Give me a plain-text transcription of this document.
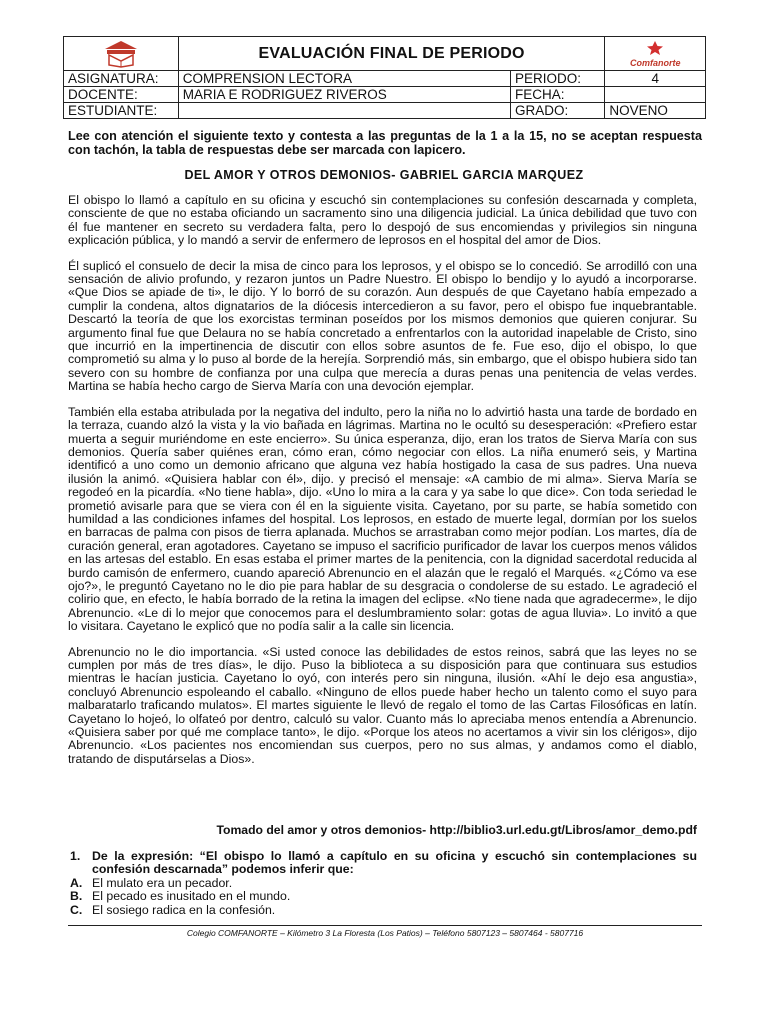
	EVALUACIÓN FINAL DE PERIODO		Comfanorte

ASIGNATURA:	COMPRENSION LECTORA	PERIODO:	4
DOCENTE:	MARIA E RODRIGUEZ RIVEROS	FECHA:	
ESTUDIANTE:		GRADO:	NOVENO
Lee con atención el siguiente texto y contesta a las preguntas de la 1 a la 15, no se aceptan respuesta con tachón, la tabla de respuestas debe ser marcada con lapicero.
DEL AMOR Y OTROS DEMONIOS- GABRIEL GARCIA MARQUEZ

El obispo lo llamó a capítulo en su oficina y escuchó sin contemplaciones su confesión descarnada y completa, consciente de que no estaba oficiando un sacramento sino una diligencia judicial. La única debilidad que tuvo con él fue mantener en secreto su verdadera falta, pero lo despojó de sus encomiendas y privilegios sin ninguna explicación pública, y lo mandó a servir de enfermero de leprosos en el hospital del amor de Dios.

Él suplicó el consuelo de decir la misa de cinco para los leprosos, y el obispo se lo concedió. Se arrodilló con una sensación de alivio profundo, y rezaron juntos un Padre Nuestro. El obispo lo bendijo y lo ayudó a incorporarse. «Que Dios se apiade de ti», le dijo. Y lo borró de su corazón. Aun después de que Cayetano había empezado a cumplir la condena, altos dignatarios de la diócesis intercedieron a su favor, pero el obispo fue inquebrantable. Descartó la teoría de que los exorcistas terminan poseídos por los mismos demonios que quieren conjurar. Su argumento final fue que Delaura no se había concretado a enfrentarlos con la autoridad inapelable de Cristo, sino que incurrió en la impertinencia de discutir con ellos sobre asuntos de fe. Fue eso, dijo el obispo, lo que comprometió su alma y lo puso al borde de la herejía. Sorprendió más, sin embargo, que el obispo hubiera sido tan severo con su hombre de confianza por una culpa que merecía a duras penas una penitencia de velas verdes. Martina se había hecho cargo de Sierva María con una devoción ejemplar.

También ella estaba atribulada por la negativa del indulto, pero la niña no lo advirtió hasta una tarde de bordado en la terraza, cuando alzó la vista y la vio bañada en lágrimas. Martina no le ocultó su desesperación: «Prefiero estar muerta a seguir muriéndome en este encierro». Su única esperanza, dijo, eran los tratos de Sierva María con sus demonios. Quería saber quiénes eran, cómo eran, cómo negociar con ellos. La niña enumeró seis, y Martina identificó a uno como un demonio africano que alguna vez había hostigado la casa de sus padres. Una nueva ilusión la animó. «Quisiera hablar con él», dijo. y precisó el mensaje: «A cambio de mi alma». Sierva María se regodeó en la picardía. «No tiene habla», dijo. «Uno lo mira a la cara y ya sabe lo que dice». Con toda seriedad le prometió avisarle para que se viera con él en la siguiente visita. Cayetano, por su parte, se había sometido con humildad a las condiciones infames del hospital. Los leprosos, en estado de muerte legal, dormían por los suelos en barracas de palma con pisos de tierra aplanada. Muchos se arrastraban como mejor podían. Los martes, día de curación general, eran agotadores. Cayetano se impuso el sacrificio purificador de lavar los cuerpos menos válidos en las artesas del establo. En esas estaba el primer martes de la penitencia, con la dignidad sacerdotal reducida al burdo camisón de enfermero, cuando apareció Abrenuncio en el alazán que le regaló el Marqués. «¿Cómo va ese ojo?», le preguntó Cayetano no le dio pie para hablar de su desgracia o condolerse de su estado. Le agradeció el colirio que, en efecto, le había borrado de la retina la imagen del eclipse. «No tiene nada que agradecerme», le dijo Abrenuncio. «Le di lo mejor que conocemos para el deslumbramiento solar: gotas de agua lluvia». Lo invitó a que lo visitara. Cayetano le explicó que no podía salir a la calle sin licencia.

Abrenuncio no le dio importancia. «Si usted conoce las debilidades de estos reinos, sabrá que las leyes no se cumplen por más de tres días», le dijo. Puso la biblioteca a su disposición para que continuara sus estudios mientras le hacían justicia. Cayetano lo oyó, con interés pero sin ninguna, ilusión. «Ahí le dejo esa angustia», concluyó Abrenuncio espoleando el caballo. «Ninguno de ellos puede haber hecho un talento como el suyo para malbaratarlo traficando mulatos». El martes siguiente le llevó de regalo el tomo de las Cartas Filosóficas en latín. Cayetano lo hojeó, lo olfateó por dentro, calculó su valor. Cuanto más lo apreciaba menos entendía a Abrenuncio. «Quisiera saber por qué me complace tanto», le dijo. «Porque los ateos no acertamos a vivir sin los clérigos», dijo Abrenuncio. «Los pacientes nos encomiendan sus cuerpos, pero no sus almas, y andamos como el diablo, tratando de disputárselas a Dios».

Tomado del amor y otros demonios- http://biblio3.url.edu.gt/Libros/amor_demo.pdf
1. De la expresión: “El obispo lo llamó a capítulo en su oficina y escuchó sin contemplaciones su confesión descarnada” podemos inferir que:
A. El mulato era un pecador.
B. El pecado es inusitado en el mundo.
C. El sosiego radica en la confesión.
Colegio COMFANORTE – Kilómetro 3 La Floresta (Los Patios) – Teléfono 5807123 – 5807464 - 5807716
